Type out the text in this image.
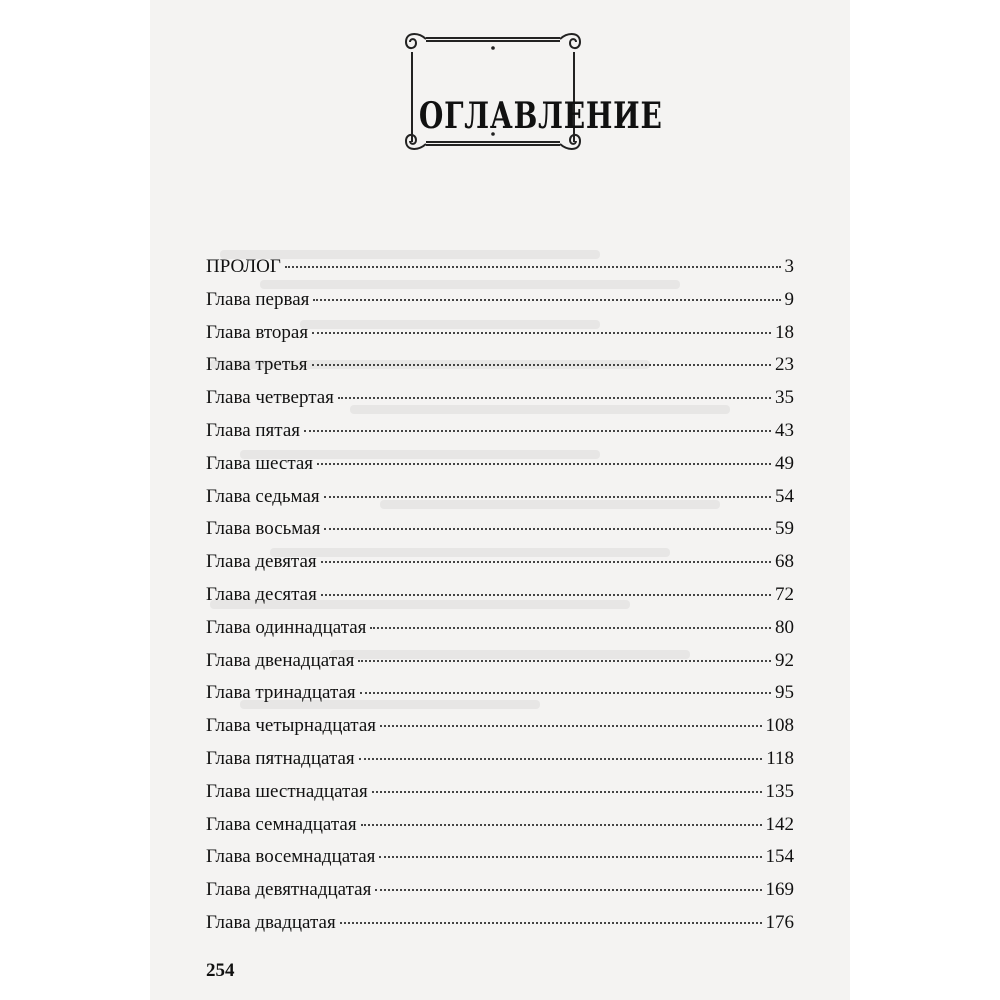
ОГЛАВЛЕНИЕ
ПРОЛОГ	3
Глава первая	9
Глава вторая	18
Глава третья	23
Глава четвертая	35
Глава пятая	43
Глава шестая	49
Глава седьмая	54
Глава восьмая	59
Глава девятая	68
Глава десятая	72
Глава одиннадцатая	80
Глава двенадцатая	92
Глава тринадцатая	95
Глава четырнадцатая	108
Глава пятнадцатая	118
Глава шестнадцатая	135
Глава семнадцатая	142
Глава восемнадцатая	154
Глава девятнадцатая	169
Глава двадцатая	176
254
